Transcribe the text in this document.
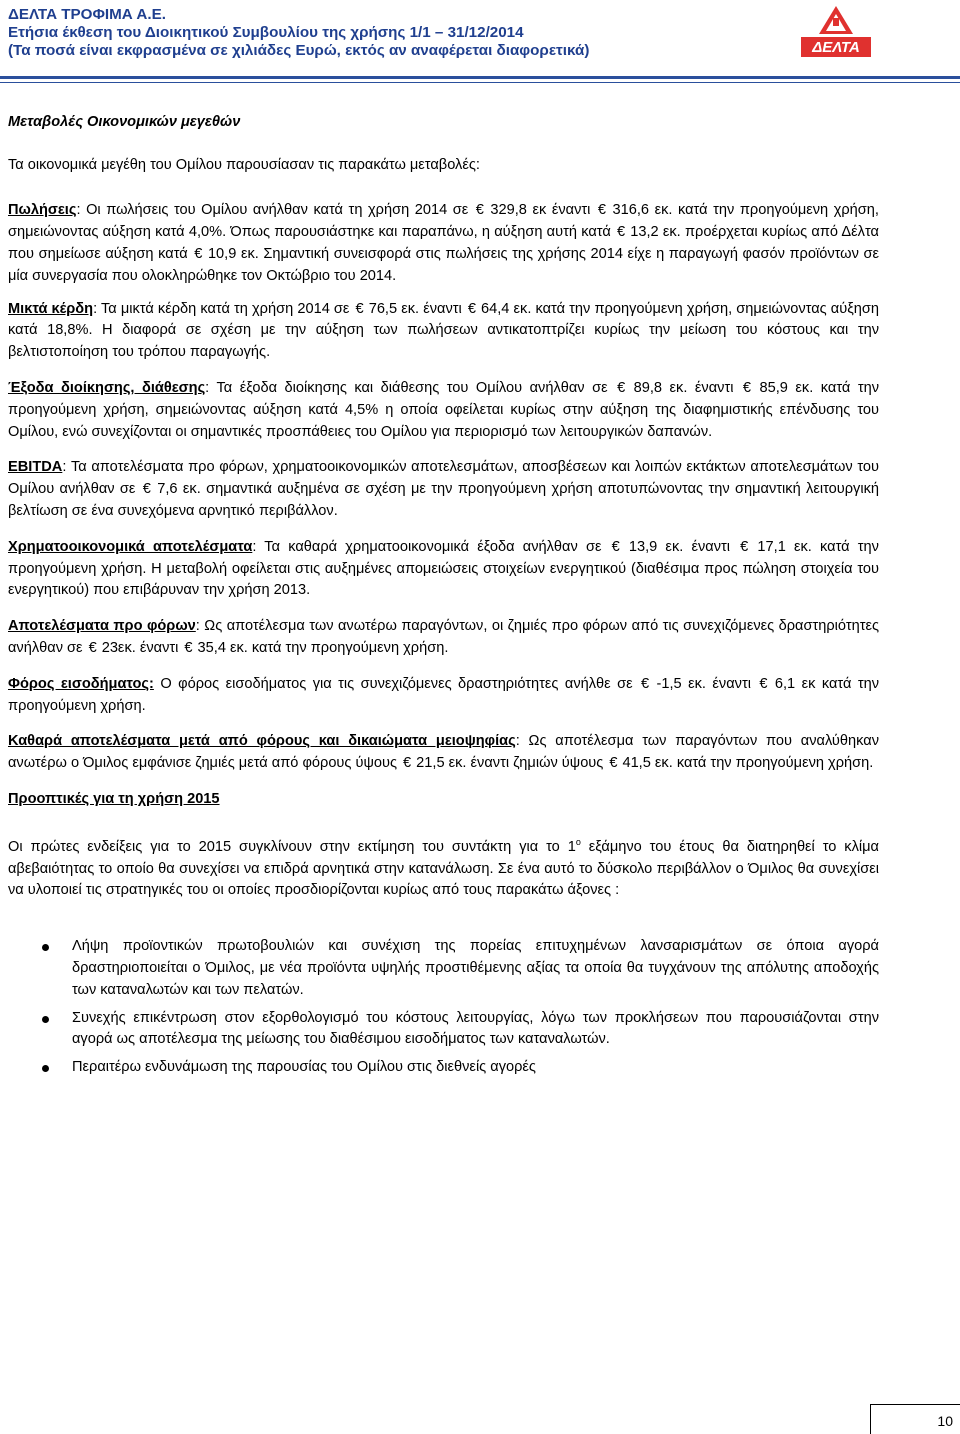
ΔΕΛΤΑ ΤΡΟΦΙΜΑ Α.Ε.
Ετήσια έκθεση του Διοικητικού Συμβουλίου της χρήσης 1/1 – 31/12/2014
(Τα ποσά είναι εκφρασμένα σε χιλιάδες Ευρώ, εκτός αν αναφέρεται διαφορετικά)	ΔΕΛΤΑ

Μεταβολές Οικονομικών μεγεθών

Τα οικονομικά μεγέθη του Ομίλου παρουσίασαν τις παρακάτω μεταβολές:

Πωλήσεις: Οι πωλήσεις του Ομίλου ανήλθαν κατά τη χρήση 2014 σε € 329,8 εκ έναντι € 316,6 εκ. κατά την προηγούμενη χρήση, σημειώνοντας αύξηση κατά 4,0%. Όπως παρουσιάστηκε και παραπάνω, η αύξηση αυτή κατά € 13,2 εκ. προέρχεται κυρίως από Δέλτα που σημείωσε αύξηση κατά € 10,9 εκ. Σημαντική συνεισφορά στις πωλήσεις της χρήσης 2014 είχε η παραγωγή φασόν προϊόντων σε μία συνεργασία που ολοκληρώθηκε τον Οκτώβριο του 2014.

Μικτά κέρδη: Τα μικτά κέρδη κατά τη χρήση 2014 σε € 76,5 εκ. έναντι € 64,4 εκ. κατά την προηγούμενη χρήση, σημειώνοντας αύξηση κατά 18,8%. Η διαφορά σε σχέση με την αύξηση των πωλήσεων αντικατοπτρίζει κυρίως την μείωση του κόστους και την βελτιστοποίηση του τρόπου παραγωγής.

Έξοδα διοίκησης, διάθεσης: Τα έξοδα διοίκησης και διάθεσης του Ομίλου ανήλθαν σε € 89,8 εκ. έναντι € 85,9 εκ. κατά την προηγούμενη χρήση, σημειώνοντας αύξηση κατά 4,5% η οποία οφείλεται κυρίως στην αύξηση της διαφημιστικής επένδυσης του Ομίλου, ενώ συνεχίζονται οι σημαντικές προσπάθειες του Ομίλου για περιορισμό των λειτουργικών δαπανών.

EBITDA: Τα αποτελέσματα προ φόρων, χρηματοοικονομικών αποτελεσμάτων, αποσβέσεων και λοιπών εκτάκτων αποτελεσμάτων του Ομίλου ανήλθαν σε € 7,6 εκ. σημαντικά αυξημένα σε σχέση με την προηγούμενη χρήση αποτυπώνοντας την σημαντική λειτουργική βελτίωση σε ένα συνεχόμενα αρνητικό περιβάλλον.

Χρηματοοικονομικά αποτελέσματα: Τα καθαρά χρηματοοικονομικά έξοδα ανήλθαν σε € 13,9 εκ. έναντι € 17,1 εκ. κατά την προηγούμενη χρήση. Η μεταβολή οφείλεται στις αυξημένες απομειώσεις στοιχείων ενεργητικού (διαθέσιμα προς πώληση στοιχεία του ενεργητικού) που επιβάρυναν την χρήση 2013.

Αποτελέσματα προ φόρων: Ως αποτέλεσμα των ανωτέρω παραγόντων, οι ζημιές προ φόρων από τις συνεχιζόμενες δραστηριότητες ανήλθαν σε € 23εκ. έναντι € 35,4 εκ. κατά την προηγούμενη χρήση.

Φόρος εισοδήματος: Ο φόρος εισοδήματος για τις συνεχιζόμενες δραστηριότητες ανήλθε σε € -1,5 εκ. έναντι € 6,1 εκ κατά την προηγούμενη χρήση.

Καθαρά αποτελέσματα μετά από φόρους και δικαιώματα μειοψηφίας: Ως αποτέλεσμα των παραγόντων που αναλύθηκαν ανωτέρω ο Όμιλος εμφάνισε ζημιές μετά από φόρους ύψους € 21,5 εκ. έναντι ζημιών ύψους € 41,5 εκ. κατά την προηγούμενη χρήση.

Προοπτικές για τη χρήση 2015

Οι πρώτες ενδείξεις για το 2015 συγκλίνουν στην εκτίμηση του συντάκτη για το $1^o$ εξάμηνο του έτους θα διατηρηθεί το κλίμα αβεβαιότητας το οποίο θα συνεχίσει να επιδρά αρνητικά στην κατανάλωση. Σε ένα αυτό το δύσκολο περιβάλλον ο Όμιλος θα συνεχίσει να υλοποιεί τις στρατηγικές του οι οποίες προσδιορίζονται κυρίως από τους παρακάτω άξονες :

Λήψη προϊοντικών πρωτοβουλιών και συνέχιση της πορείας επιτυχημένων λανσαρισμάτων σε όποια αγορά δραστηριοποιείται ο Όμιλος, με νέα προϊόντα υψηλής προστιθέμενης αξίας τα οποία θα τυγχάνουν της απόλυτης αποδοχής των καταναλωτών και των πελατών.
Συνεχής επικέντρωση στον εξορθολογισμό του κόστους λειτουργίας, λόγω των προκλήσεων που παρουσιάζονται στην αγορά ως αποτέλεσμα της μείωσης του διαθέσιμου εισοδήματος των καταναλωτών.
Περαιτέρω ενδυνάμωση της παρουσίας του Ομίλου στις διεθνείς αγορές
10
